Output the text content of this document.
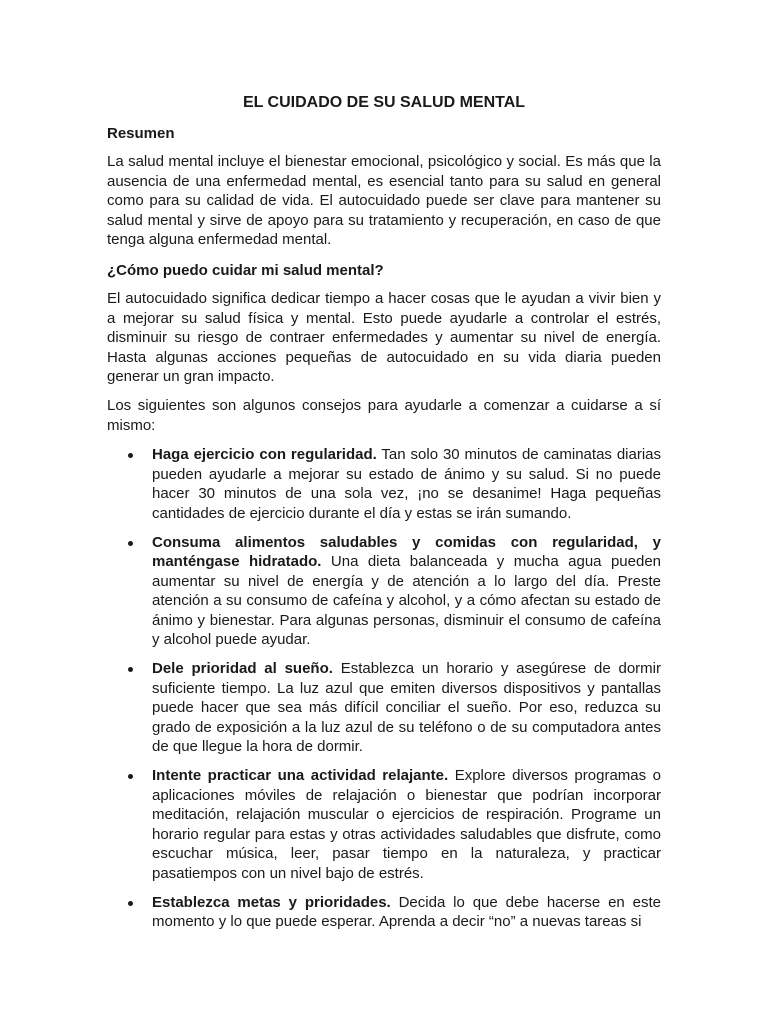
EL CUIDADO DE SU SALUD MENTAL
Resumen
La salud mental incluye el bienestar emocional, psicológico y social. Es más que la ausencia de una enfermedad mental, es esencial tanto para su salud en general como para su calidad de vida. El autocuidado puede ser clave para mantener su salud mental y sirve de apoyo para su tratamiento y recuperación, en caso de que tenga alguna enfermedad mental.
¿Cómo puedo cuidar mi salud mental?
El autocuidado significa dedicar tiempo a hacer cosas que le ayudan a vivir bien y a mejorar su salud física y mental. Esto puede ayudarle a controlar el estrés, disminuir su riesgo de contraer enfermedades y aumentar su nivel de energía. Hasta algunas acciones pequeñas de autocuidado en su vida diaria pueden generar un gran impacto.
Los siguientes son algunos consejos para ayudarle a comenzar a cuidarse a sí mismo:
Haga ejercicio con regularidad. Tan solo 30 minutos de caminatas diarias pueden ayudarle a mejorar su estado de ánimo y su salud. Si no puede hacer 30 minutos de una sola vez, ¡no se desanime! Haga pequeñas cantidades de ejercicio durante el día y estas se irán sumando.
Consuma alimentos saludables y comidas con regularidad, y manténgase hidratado. Una dieta balanceada y mucha agua pueden aumentar su nivel de energía y de atención a lo largo del día. Preste atención a su consumo de cafeína y alcohol, y a cómo afectan su estado de ánimo y bienestar. Para algunas personas, disminuir el consumo de cafeína y alcohol puede ayudar.
Dele prioridad al sueño. Establezca un horario y asegúrese de dormir suficiente tiempo. La luz azul que emiten diversos dispositivos y pantallas puede hacer que sea más difícil conciliar el sueño. Por eso, reduzca su grado de exposición a la luz azul de su teléfono o de su computadora antes de que llegue la hora de dormir.
Intente practicar una actividad relajante. Explore diversos programas o aplicaciones móviles de relajación o bienestar que podrían incorporar meditación, relajación muscular o ejercicios de respiración. Programe un horario regular para estas y otras actividades saludables que disfrute, como escuchar música, leer, pasar tiempo en la naturaleza, y practicar pasatiempos con un nivel bajo de estrés.
Establezca metas y prioridades. Decida lo que debe hacerse en este momento y lo que puede esperar. Aprenda a decir “no” a nuevas tareas si
